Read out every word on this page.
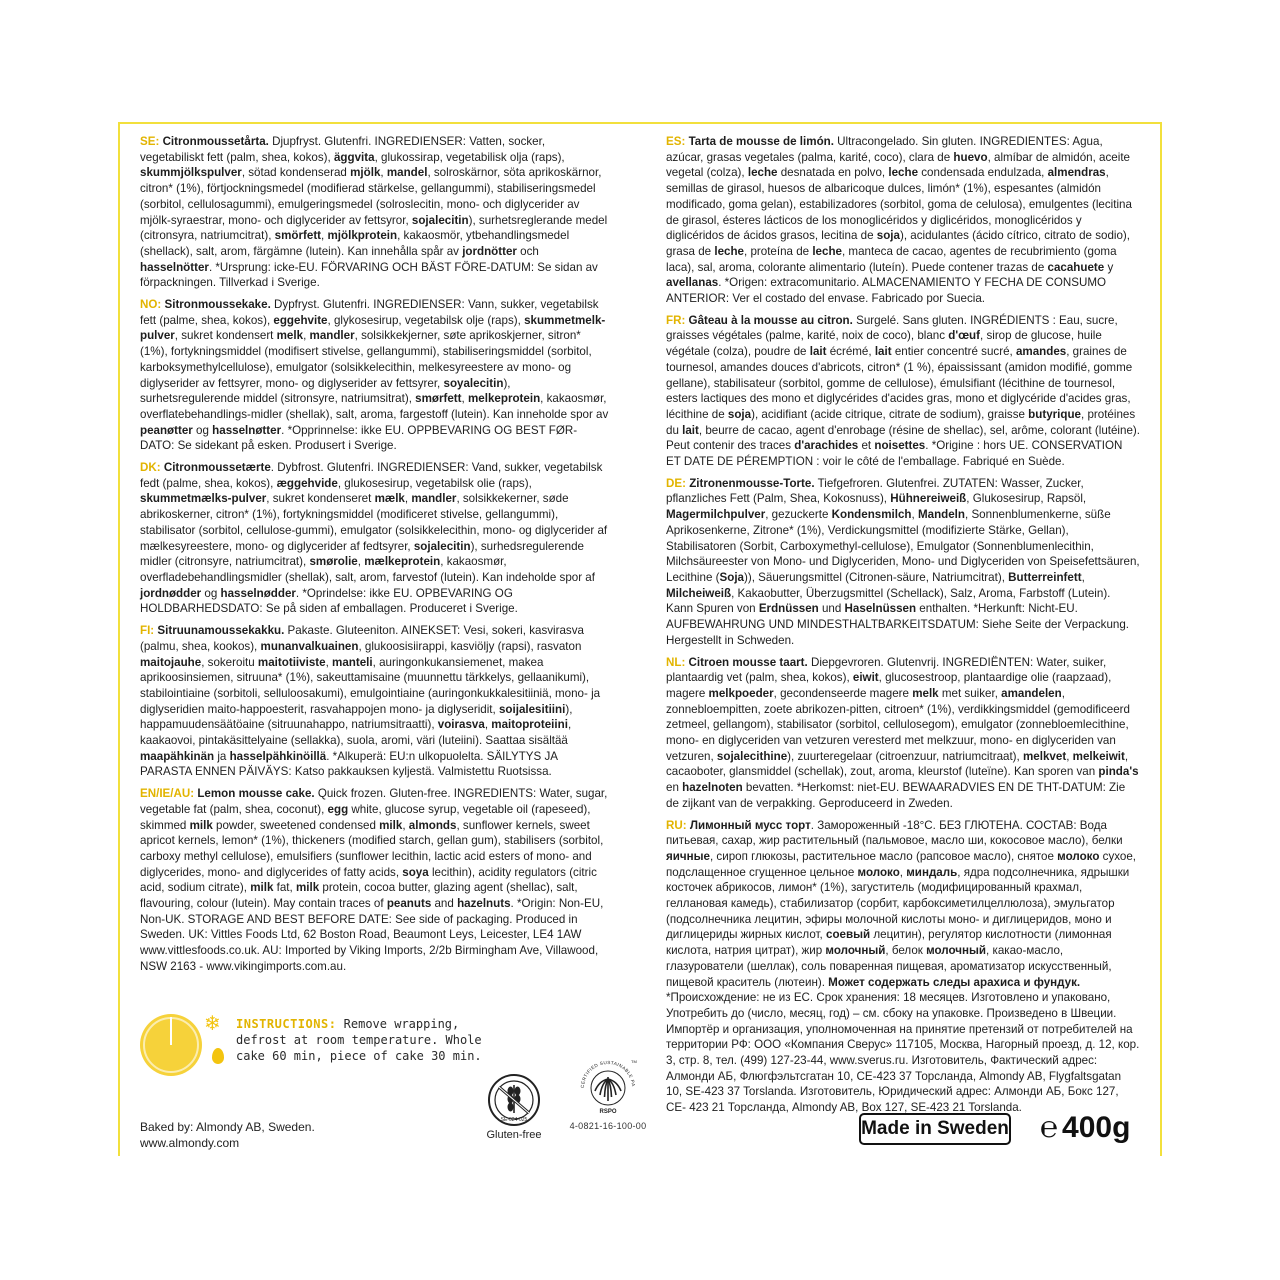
SE: Citronmoussetårta. Djupfryst. Glutenfri. INGREDIENSER: Vatten, socker, vegetabiliskt fett (palm, shea, kokos), äggvita, glukossirap, vegetabilisk olja (raps), skummjölkspulver, sötad kondenserad mjölk, mandel, solroskärnor, söta aprikoskärnor, citron* (1%), förtjockningsmedel (modifierad stärkelse, gellangummi), stabiliseringsmedel (sorbitol, cellulosagummi), emulgeringsmedel (solroslecitin, mono- och diglycerider av mjölk-syraestrar, mono- och diglycerider av fettsyror, sojalecitin), surhetsreglerande medel (citronsyra, natriumcitrat), smörfett, mjölkprotein, kakaosmör, ytbehandlingsmedel (shellack), salt, arom, färgämne (lutein). Kan innehålla spår av jordnötter och hasselnötter. *Ursprung: icke-EU. FÖRVARING OCH BÄST FÖRE-DATUM: Se sidan av förpackningen. Tillverkad i Sverige.

NO: Sitronmoussekake. Dypfryst. Glutenfri. INGREDIENSER: Vann, sukker, vegetabilsk fett (palme, shea, kokos), eggehvite, glykosesirup, vegetabilsk olje (raps), skummetmelk-pulver, sukret kondensert melk, mandler, solsikkekjerner, søte aprikoskjerner, sitron* (1%), fortykningsmiddel (modifisert stivelse, gellangummi), stabiliseringsmiddel (sorbitol, karboksymethylcellulose), emulgator (solsikkelecithin, melkesyreestere av mono- og diglyserider av fettsyrer, mono- og diglyserider av fettsyrer, soyalecitin), surhetsregulerende middel (sitronsyre, natriumsitrat), smørfett, melkeprotein, kakaosmør, overflatebehandlings-midler (shellak), salt, aroma, fargestoff (lutein). Kan inneholde spor av peanøtter og hasselnøtter. *Opprinnelse: ikke EU. OPPBEVARING OG BEST FØR-DATO: Se sidekant på esken. Produsert i Sverige.

DK: Citronmoussetærte. Dybfrost. Glutenfri. INGREDIENSER: Vand, sukker, vegetabilsk fedt (palme, shea, kokos), æggehvide, glukosesirup, vegetabilsk olie (raps), skummetmælks-pulver, sukret kondenseret mælk, mandler, solsikkekerner, søde abrikoskerner, citron* (1%), fortykningsmiddel (modificeret stivelse, gellangummi), stabilisator (sorbitol, cellulose-gummi), emulgator (solsikkelecithin, mono- og diglycerider af mælkesyreestere, mono- og diglycerider af fedtsyrer, sojalecitin), surhedsregulerende midler (citronsyre, natriumcitrat), smørolie, mælkeprotein, kakaosmør, overfladebehandlingsmidler (shellak), salt, arom, farvestof (lutein). Kan indeholde spor af jordnødder og hasselnødder. *Oprindelse: ikke EU. OPBEVARING OG HOLDBARHEDSDATO: Se på siden af emballagen. Produceret i Sverige.

FI: Sitruunamoussekakku. Pakaste. Gluteeniton. AINEKSET: Vesi, sokeri, kasvirasva (palmu, shea, kookos), munanvalkuainen, glukoosisiirappi, kasviöljy (rapsi), rasvaton maitojauhe, sokeroitu maitotiiviste, manteli, auringonkukansiemenet, makea aprikoosinsiemen, sitruuna* (1%), sakeuttamisaine (muunnettu tärkkelys, gellaanikumi), stabilointiaine (sorbitoli, selluloosakumi), emulgointiaine (auringonkukkalesitiiniä, mono- ja diglyseridien maito-happoesterit, rasvahappojen mono- ja diglyseridit, soijalesitiini), happamuudensäätöaine (sitruunahappo, natriumsitraatti), voirasva, maitoproteiini, kaakaovoi, pintakäsittelyaine (sellakka), suola, aromi, väri (luteiini). Saattaa sisältää maapähkinän ja hasselpähkinöillä. *Alkuperä: EU:n ulkopuolelta. SÄILYTYS JA PARASTA ENNEN PÄIVÄYS: Katso pakkauksen kyljestä. Valmistettu Ruotsissa.

EN/IE/AU: Lemon mousse cake. Quick frozen. Gluten-free. INGREDIENTS: Water, sugar, vegetable fat (palm, shea, coconut), egg white, glucose syrup, vegetable oil (rapeseed), skimmed milk powder, sweetened condensed milk, almonds, sunflower kernels, sweet apricot kernels, lemon* (1%), thickeners (modified starch, gellan gum), stabilisers (sorbitol, carboxy methyl cellulose), emulsifiers (sunflower lecithin, lactic acid esters of mono- and diglycerides, mono- and diglycerides of fatty acids, soya lecithin), acidity regulators (citric acid, sodium citrate), milk fat, milk protein, cocoa butter, glazing agent (shellac), salt, flavouring, colour (lutein). May contain traces of peanuts and hazelnuts. *Origin: Non-EU, Non-UK. STORAGE AND BEST BEFORE DATE: See side of packaging. Produced in Sweden. UK: Vittles Foods Ltd, 62 Boston Road, Beaumont Leys, Leicester, LE4 1AW www.vittlesfoods.co.uk. AU: Imported by Viking Imports, 2/2b Birmingham Ave, Villawood, NSW 2163 - www.vikingimports.com.au.

ES: Tarta de mousse de limón. Ultracongelado. Sin gluten. INGREDIENTES: Agua, azúcar, grasas vegetales (palma, karité, coco), clara de huevo, almíbar de almidón, aceite vegetal (colza), leche desnatada en polvo, leche condensada endulzada, almendras, semillas de girasol, huesos de albaricoque dulces, limón* (1%), espesantes (almidón modificado, goma gelan), estabilizadores (sorbitol, goma de celulosa), emulgentes (lecitina de girasol, ésteres lácticos de los monoglicéridos y diglicéridos, monoglicéridos y diglicéridos de ácidos grasos, lecitina de soja), acidulantes (ácido cítrico, citrato de sodio), grasa de leche, proteína de leche, manteca de cacao, agentes de recubrimiento (goma laca), sal, aroma, colorante alimentario (luteín). Puede contener trazas de cacahuete y avellanas. *Origen: extracomunitario. ALMACENAMIENTO Y FECHA DE CONSUMO ANTERIOR: Ver el costado del envase. Fabricado por Suecia.

FR: Gâteau à la mousse au citron. Surgelé. Sans gluten. INGRÉDIENTS : Eau, sucre, graisses végétales (palme, karité, noix de coco), blanc d'œuf, sirop de glucose, huile végétale (colza), poudre de lait écrémé, lait entier concentré sucré, amandes, graines de tournesol, amandes douces d'abricots, citron* (1 %), épaississant (amidon modifié, gomme gellane), stabilisateur (sorbitol, gomme de cellulose), émulsifiant (lécithine de tournesol, esters lactiques des mono et diglycérides d'acides gras, mono et diglycéride d'acides gras, lécithine de soja), acidifiant (acide citrique, citrate de sodium), graisse butyrique, protéines du lait, beurre de cacao, agent d'enrobage (résine de shellac), sel, arôme, colorant (lutéine). Peut contenir des traces d'arachides et noisettes. *Origine : hors UE. CONSERVATION ET DATE DE PÉREMPTION : voir le côté de l'emballage. Fabriqué en Suède.

DE: Zitronenmousse-Torte. Tiefgefroren. Glutenfrei. ZUTATEN: Wasser, Zucker, pflanzliches Fett (Palm, Shea, Kokosnuss), Hühnereiweiß, Glukosesirup, Rapsöl, Magermilchpulver, gezuckerte Kondensmilch, Mandeln, Sonnenblumenkerne, süße Aprikosenkerne, Zitrone* (1%), Verdickungsmittel (modifizierte Stärke, Gellan), Stabilisatoren (Sorbit, Carboxymethyl-cellulose), Emulgator (Sonnenblumenlecithin, Milchsäureester von Mono- und Diglyceriden, Mono- und Diglyceriden von Speisefettsäuren, Lecithine (Soja)), Säuerungsmittel (Citronen-säure, Natriumcitrat), Butterreinfett, Milcheiweiß, Kakaobutter, Überzugsmittel (Schellack), Salz, Aroma, Farbstoff (Lutein). Kann Spuren von Erdnüssen und Haselnüssen enthalten. *Herkunft: Nicht-EU. AUFBEWAHRUNG UND MINDESTHALTBARKEITSDATUM: Siehe Seite der Verpackung. Hergestellt in Schweden.

NL: Citroen mousse taart. Diepgevroren. Glutenvrij. INGREDIËNTEN: Water, suiker, plantaardig vet (palm, shea, kokos), eiwit, glucosestroop, plantaardige olie (raapzaad), magere melkpoeder, gecondenseerde magere melk met suiker, amandelen, zonnebloempitten, zoete abrikozen-pitten, citroen* (1%), verdikkingsmiddel (gemodificeerd zetmeel, gellangom), stabilisator (sorbitol, cellulosegom), emulgator (zonnebloemlecithine, mono- en diglyceriden van vetzuren veresterd met melkzuur, mono- en diglyceriden van vetzuren, sojalecithine), zuurteregelaar (citroenzuur, natriumcitraat), melkvet, melkeiwit, cacaoboter, glansmiddel (schellak), zout, aroma, kleurstof (luteïne). Kan sporen van pinda's en hazelnoten bevatten. *Herkomst: niet-EU. BEWAARADVIES EN DE THT-DATUM: Zie de zijkant van de verpakking. Geproduceerd in Zweden.

RU: Лимонный мусс торт. Замороженный -18°С. БЕЗ ГЛЮТЕНА. СОСТАВ: Вода питьевая, сахар, жир растительный (пальмовое, масло ши, кокосовое масло), белки яичные, сироп глюкозы, растительное масло (рапсовое масло), снятое молоко сухое, подслащенное сгущенное цельное молоко, миндаль, ядра подсолнечника, ядрышки косточек абрикосов, лимон* (1%), загуститель (модифицированный крахмал, геллановая камедь), стабилизатор (сорбит, карбоксиметилцеллюлоза), эмульгатор (подсолнечника лецитин, эфиры молочной кислоты моно- и диглицеридов, моно и диглицериды жирных кислот, соевый лецитин), регулятор кислотности (лимонная кислота, натрия цитрат), жир молочный, белок молочный, какао-масло, глазурователи (шеллак), соль поваренная пищевая, ароматизатор искусственный, пищевой краситель (лютеин). Может содержать следы арахиса и фундук. *Происхождение: не из ЕС. Срок хранения: 18 месяцев. Изготовлено и упаковано, Употребить до (число, месяц, год) – см. сбоку на упаковке. Произведено в Швеции. Импортёр и организация, уполномоченная на принятие претензий от потребителей на территории РФ: ООО «Компания Сверус» 117105, Москва, Нагорный проезд, д. 12, кор. 3, стр. 8, тел. (499) 127-23-44, www.sverus.ru. Изготовитель, Фактический адрес: Алмонди АБ, Флюгфэльтсгатан 10, СЕ-423 37 Торсланда, Almondy AB, Flygfaltsgatan 10, SE-423 37 Torslanda. Изготовитель, Юридический адрес: Алмонди АБ, Бокс 127, СЕ- 423 21 Торсланда, Almondy AB, Box 127, SE-423 21 Torslanda.

❄ INSTRUCTIONS: Remove wrapping, defrost at room temperature. Whole cake 60 min, piece of cake 30 min.
Baked by: Almondy AB, Sweden.
www.almondy.com
SE-024-025
Gluten-free
CERTIFIED SUSTAINABLE PA
TM
RSPO
4-0821-16-100-00	Made in Sweden ℮ 400g
